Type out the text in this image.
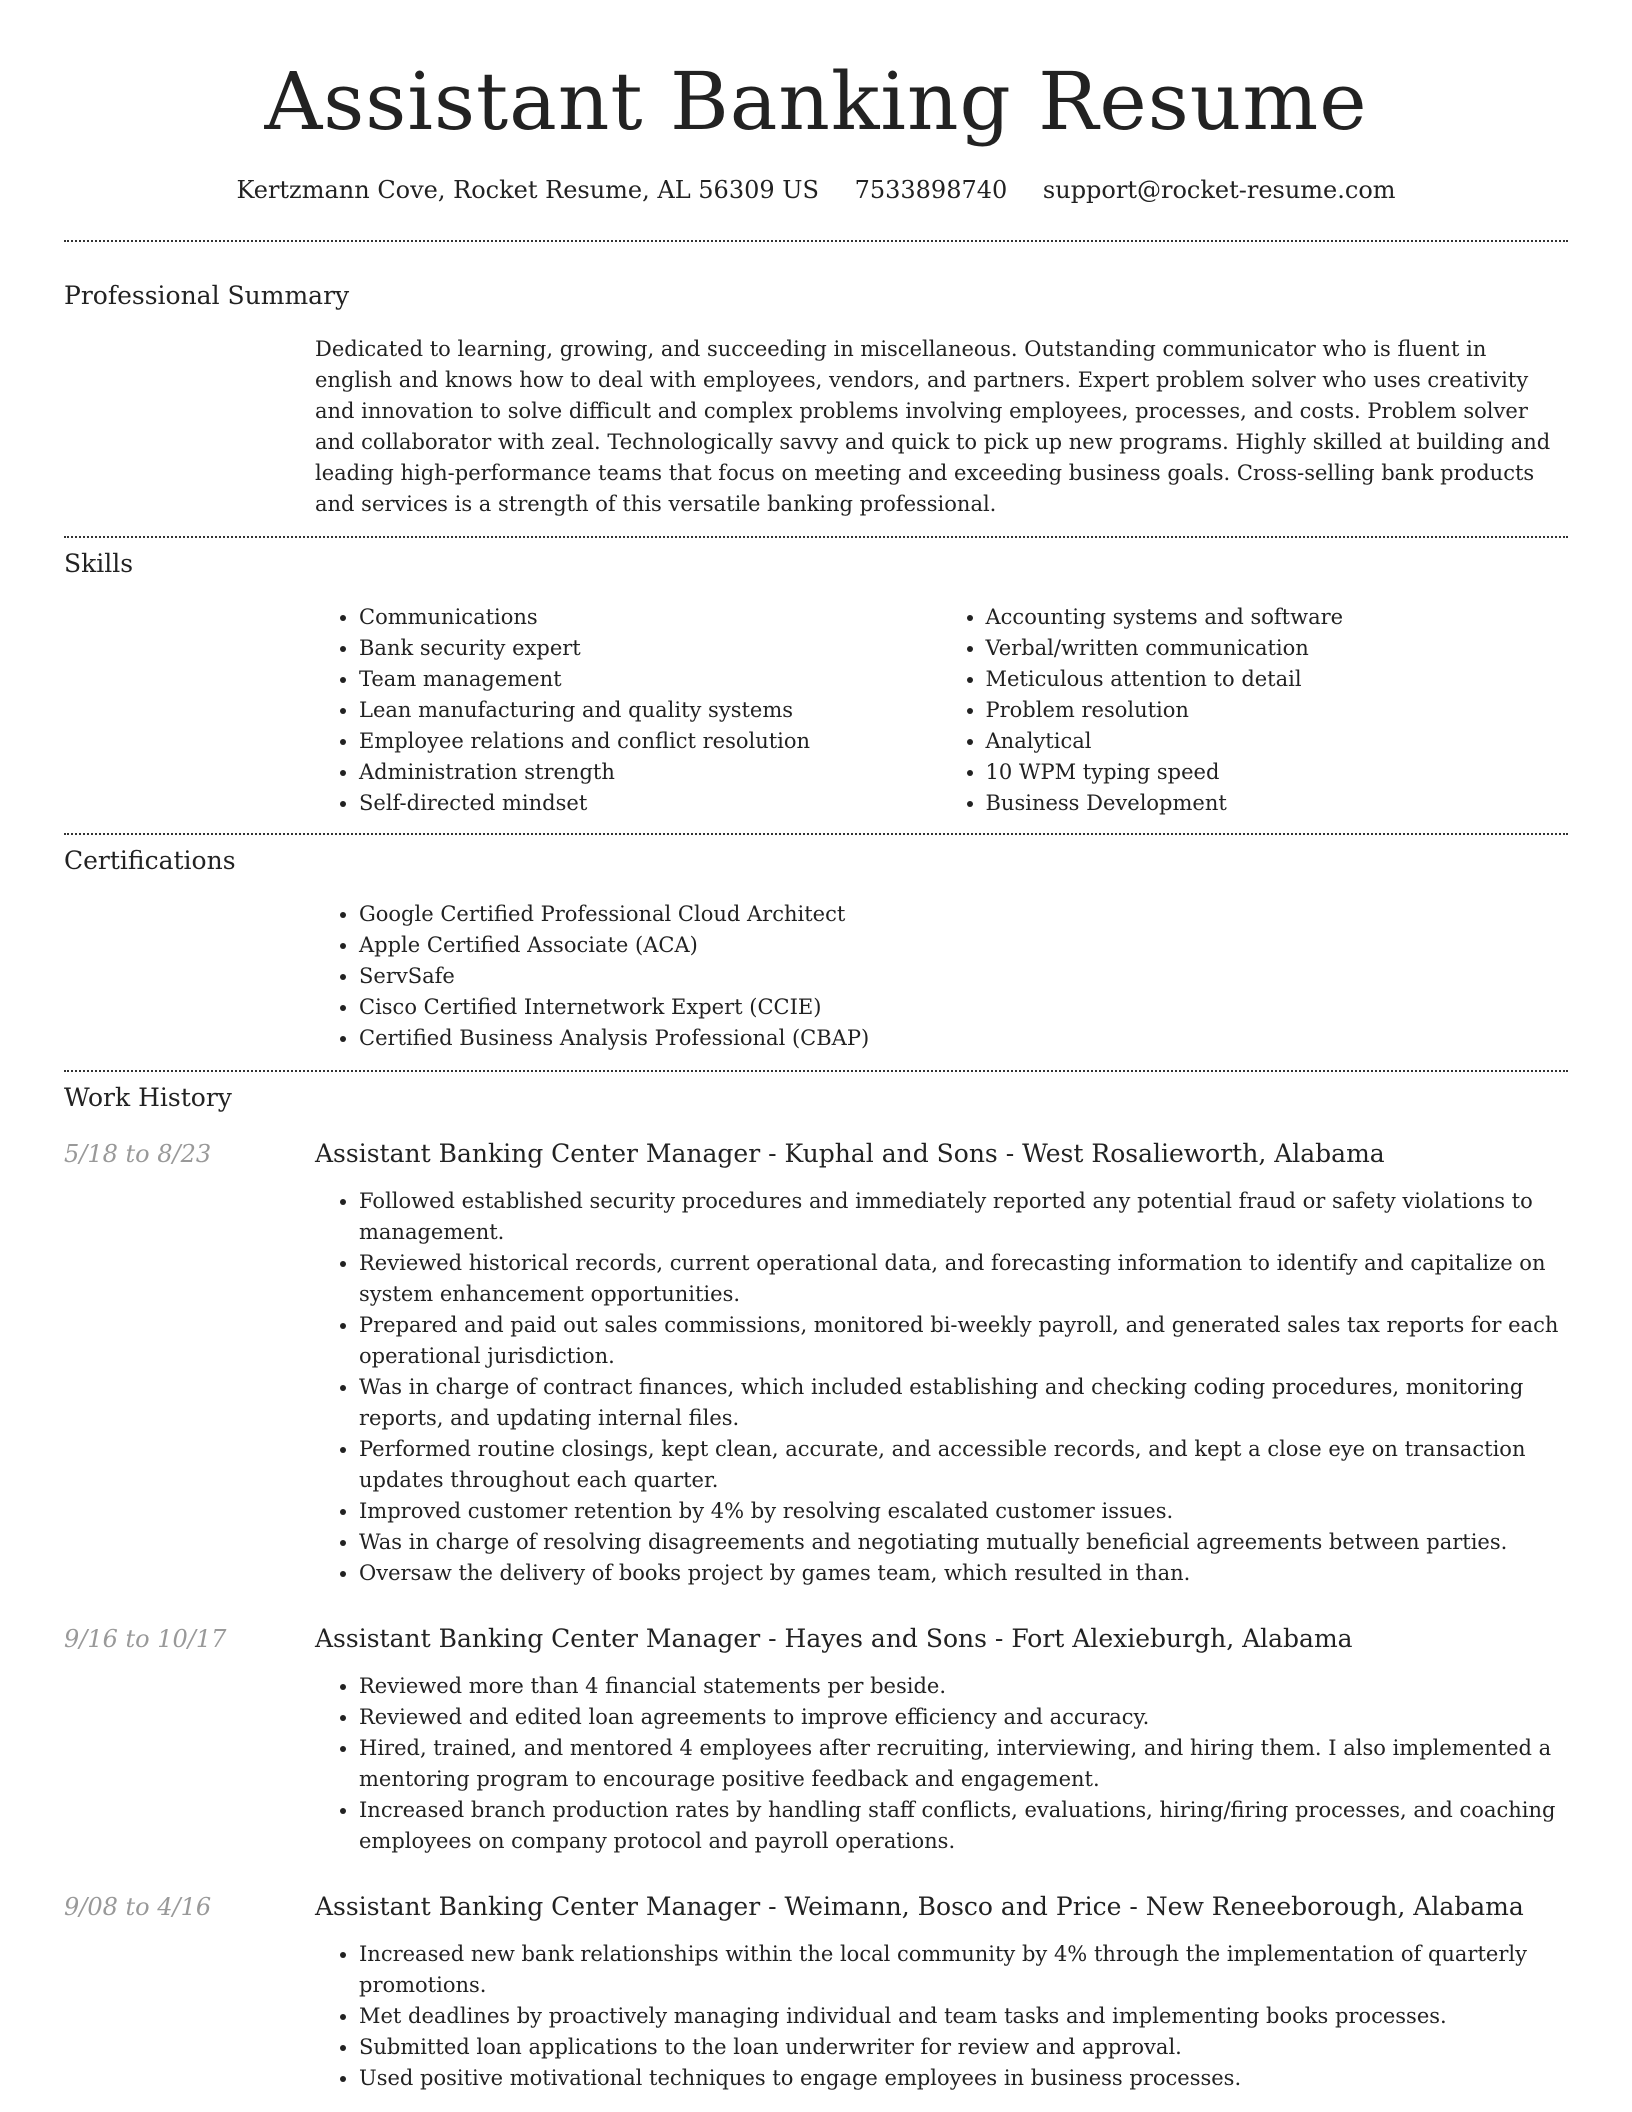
Assistant Banking Resume
Kertzmann Cove, Rocket Resume, AL 56309 US 7533898740 support@rocket-resume.com
Professional Summary
Dedicated to learning, growing, and succeeding in miscellaneous. Outstanding communicator who is fluent in english and knows how to deal with employees, vendors, and partners. Expert problem solver who uses creativity and innovation to solve difficult and complex problems involving employees, processes, and costs. Problem solver and collaborator with zeal. Technologically savvy and quick to pick up new programs. Highly skilled at building and leading high-performance teams that focus on meeting and exceeding business goals. Cross-selling bank products and services is a strength of this versatile banking professional.
Skills
• Communications
• Bank security expert
• Team management
• Lean manufacturing and quality systems
• Employee relations and conflict resolution
• Administration strength
• Self-directed mindset
• Accounting systems and software
• Verbal/written communication
• Meticulous attention to detail
• Problem resolution
• Analytical
• 10 WPM typing speed
• Business Development
Certifications
• Google Certified Professional Cloud Architect
• Apple Certified Associate (ACA)
• ServSafe
• Cisco Certified Internetwork Expert (CCIE)
• Certified Business Analysis Professional (CBAP)
Work History
5/18 to 8/23	Assistant Banking Center Manager - Kuphal and Sons - West Rosalieworth, Alabama
• Followed established security procedures and immediately reported any potential fraud or safety violations to management.
• Reviewed historical records, current operational data, and forecasting information to identify and capitalize on system enhancement opportunities.
• Prepared and paid out sales commissions, monitored bi-weekly payroll, and generated sales tax reports for each operational jurisdiction.
• Was in charge of contract finances, which included establishing and checking coding procedures, monitoring reports, and updating internal files.
• Performed routine closings, kept clean, accurate, and accessible records, and kept a close eye on transaction updates throughout each quarter.
• Improved customer retention by 4% by resolving escalated customer issues.
• Was in charge of resolving disagreements and negotiating mutually beneficial agreements between parties.
• Oversaw the delivery of books project by games team, which resulted in than.
9/16 to 10/17	Assistant Banking Center Manager - Hayes and Sons - Fort Alexieburgh, Alabama
• Reviewed more than 4 financial statements per beside.
• Reviewed and edited loan agreements to improve efficiency and accuracy.
• Hired, trained, and mentored 4 employees after recruiting, interviewing, and hiring them. I also implemented a mentoring program to encourage positive feedback and engagement.
• Increased branch production rates by handling staff conflicts, evaluations, hiring/firing processes, and coaching employees on company protocol and payroll operations.
9/08 to 4/16	Assistant Banking Center Manager - Weimann, Bosco and Price - New Reneeborough, Alabama
• Increased new bank relationships within the local community by 4% through the implementation of quarterly promotions.
• Met deadlines by proactively managing individual and team tasks and implementing books processes.
• Submitted loan applications to the loan underwriter for review and approval.
• Used positive motivational techniques to engage employees in business processes.
